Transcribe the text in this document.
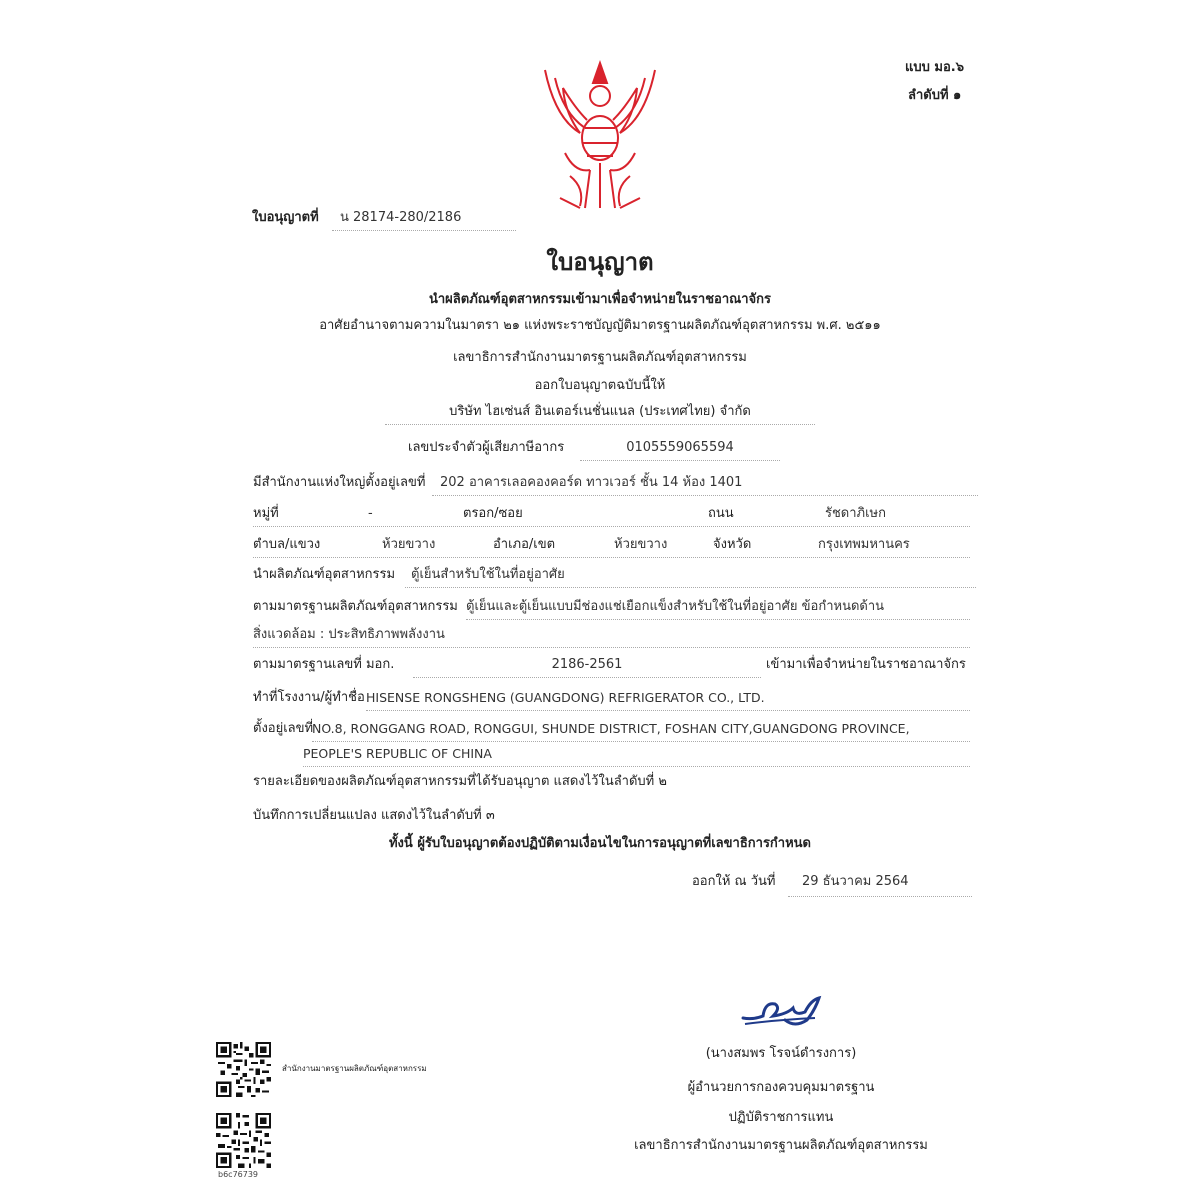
แบบ มอ.๖
ลำดับที่ ๑
ใบอนุญาตที่	น 28174-280/2186
ใบอนุญาต
นำผลิตภัณฑ์อุตสาหกรรมเข้ามาเพื่อจำหน่ายในราชอาณาจักร
อาศัยอำนาจตามความในมาตรา ๒๑ แห่งพระราชบัญญัติมาตรฐานผลิตภัณฑ์อุตสาหกรรม พ.ศ. ๒๕๑๑
เลขาธิการสำนักงานมาตรฐานผลิตภัณฑ์อุตสาหกรรม
ออกใบอนุญาตฉบับนี้ให้
บริษัท ไฮเซ่นส์ อินเตอร์เนชั่นแนล (ประเทศไทย) จำกัด
เลขประจำตัวผู้เสียภาษีอากร	0105559065594
มีสำนักงานแห่งใหญ่ตั้งอยู่เลขที่	202 อาคารเลอคองคอร์ด ทาวเวอร์ ชั้น 14 ห้อง 1401
หมู่ที่	-	ตรอก/ซอย	ถนน	รัชดาภิเษก
ตำบล/แขวง	ห้วยขวาง	อำเภอ/เขต	ห้วยขวาง	จังหวัด	กรุงเทพมหานคร
นำผลิตภัณฑ์อุตสาหกรรม	ตู้เย็นสำหรับใช้ในที่อยู่อาศัย
ตามมาตรฐานผลิตภัณฑ์อุตสาหกรรม ตู้เย็นและตู้เย็นแบบมีช่องแช่เยือกแข็งสำหรับใช้ในที่อยู่อาศัย ข้อกำหนดด้าน
สิ่งแวดล้อม : ประสิทธิภาพพลังงาน
ตามมาตรฐานเลขที่ มอก.	2186-2561	เข้ามาเพื่อจำหน่ายในราชอาณาจักร
ทำที่โรงงาน/ผู้ทำชื่อ HISENSE RONGSHENG (GUANGDONG) REFRIGERATOR CO., LTD.
ตั้งอยู่เลขที่
NO.8, RONGGANG ROAD, RONGGUI, SHUNDE DISTRICT, FOSHAN CITY,GUANGDONG PROVINCE,
PEOPLE'S REPUBLIC OF CHINA
รายละเอียดของผลิตภัณฑ์อุตสาหกรรมที่ได้รับอนุญาต แสดงไว้ในลำดับที่ ๒
บันทึกการเปลี่ยนแปลง แสดงไว้ในลำดับที่ ๓
ทั้งนี้ ผู้รับใบอนุญาตต้องปฏิบัติตามเงื่อนไขในการอนุญาตที่เลขาธิการกำหนด
ออกให้ ณ วันที่	29 ธันวาคม 2564
(นางสมพร โรจน์ดำรงการ)
ผู้อำนวยการกองควบคุมมาตรฐาน
ปฏิบัติราชการแทน
เลขาธิการสำนักงานมาตรฐานผลิตภัณฑ์อุตสาหกรรม
สำนักงานมาตรฐานผลิตภัณฑ์อุตสาหกรรม
b6c76739
